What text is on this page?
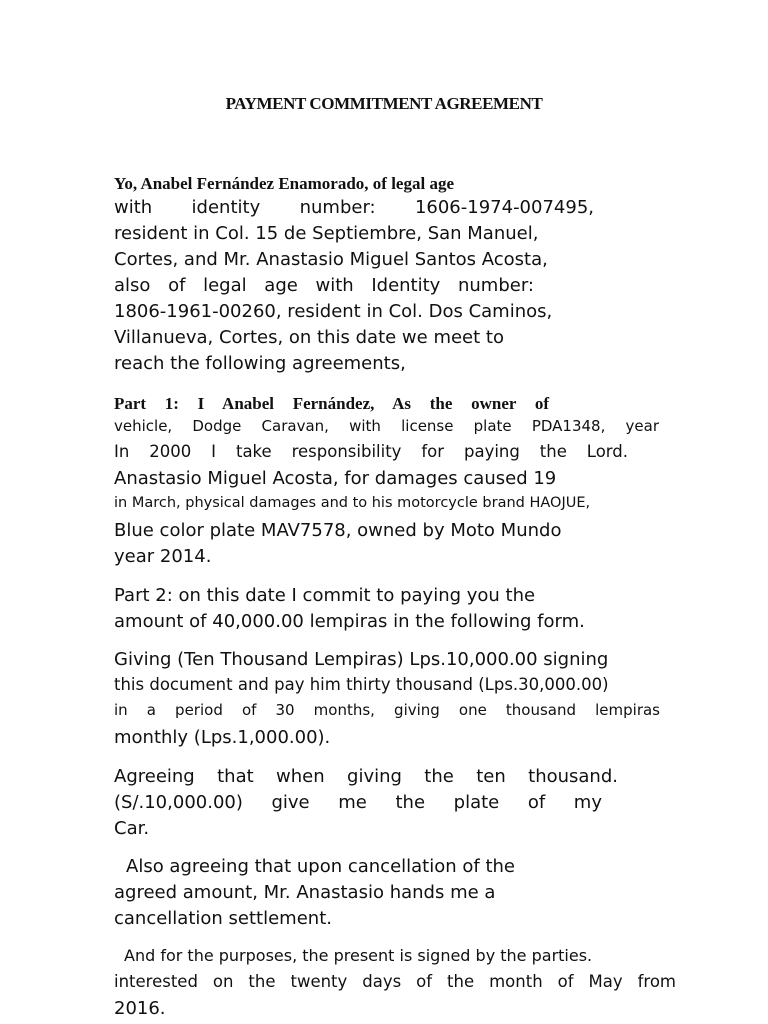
PAYMENT COMMITMENT AGREEMENT
Yo, Anabel Fernández Enamorado, of legal age
with identity number: 1606-1974-007495,
resident in Col. 15 de Septiembre, San Manuel,
Cortes, and Mr. Anastasio Miguel Santos Acosta,
also of legal age with Identity number:
1806-1961-00260, resident in Col. Dos Caminos,
Villanueva, Cortes, on this date we meet to
reach the following agreements,
Part 1: I Anabel Fernández, As the owner of
vehicle, Dodge Caravan, with license plate PDA1348, year
In 2000 I take responsibility for paying the Lord.
Anastasio Miguel Acosta, for damages caused 19
in March, physical damages and to his motorcycle brand HAOJUE,
Blue color plate MAV7578, owned by Moto Mundo
year 2014.
Part 2: on this date I commit to paying you the
amount of 40,000.00 lempiras in the following form.
Giving (Ten Thousand Lempiras) Lps.10,000.00 signing
this document and pay him thirty thousand (Lps.30,000.00)
in a period of 30 months, giving one thousand lempiras
monthly (Lps.1,000.00).
Agreeing that when giving the ten thousand.
(S/.10,000.00) give me the plate of my
Car.
Also agreeing that upon cancellation of the
agreed amount, Mr. Anastasio hands me a
cancellation settlement.
And for the purposes, the present is signed by the parties.
interested on the twenty days of the month of May from
2016.
